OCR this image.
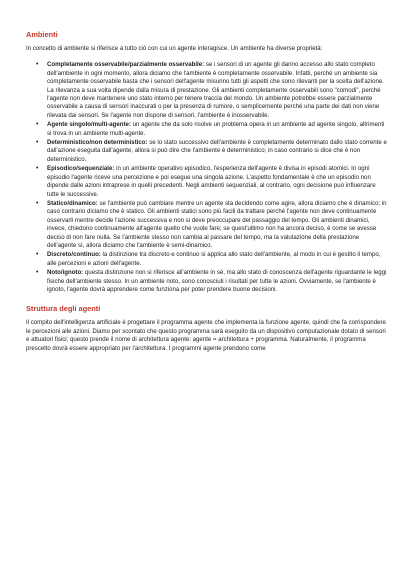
Ambienti

In concetto di ambiente si riferisce a tutto ciò con cui un agente interagisce. Un ambiente ha diverse proprietà:

• Completamente osservabile/parzialmente osservabile: se i sensori di un agente gli danno accesso allo stato completo dell'ambiente in ogni momento, allora diciamo che l'ambiente è completamente osservabile. Infatti, perché un ambiente sia completamente osservabile basta che i sensori dell'agente misurino tutti gli aspetti che sono rilevanti per la scelta dell'azione. La rilevanza a sua volta dipende dalla misura di prestazione. Gli ambienti completamente osservabili sono "comodi", perché l'agente non deve mantenere uno stato interno per tenere traccia del mondo. Un ambiente potrebbe essere parzialmente osservabile a causa di sensori inaccurati o per la presenza di rumore, o semplicemente perché una parte dei dati non viene rilevata dai sensori. Se l'agente non dispone di sensori, l'ambiente è inosservabile.
• Agente singolo/multi-agente: un agente che da solo risolve un problema opera in un ambiente ad agente singolo, altrimenti si trova in un ambiente multi-agente.
• Deterministico/non deterministico: se lo stato successivo dell'ambiente è completamente determinato dallo stato corrente e dall'azione eseguita dall'agente, allora si può dire che l'ambiente è deterministico; in caso contrario si dice che è non deterministico.
• Episodico/sequenziale: in un ambiente operativo episodico, l'esperienza dell'agente è divisa in episodi atomici. In ogni episodio l'agente riceve una percezione e poi esegue una singola azione. L'aspetto fondamentale è che un episodio non dipende dalle azioni intraprese in quelli precedenti. Negli ambienti sequenziali, al contrario, ogni decisione può influenzare tutte le successive.
• Statico/dinamico: se l'ambiente può cambiare mentre un agente sta decidendo come agire, allora diciamo che è dinamico; in caso contrario diciamo che è statico. Gli ambienti statici sono più facili da trattare perché l'agente non deve continuamente osservarli mentre decide l'azione successiva e non si deve preoccupare del passaggio del tempo. Gli ambienti dinamici, invece, chiedono continuamente all'agente quello che vuole fare; se quest'ultimo non ha ancora deciso, è come se avesse deciso di non fare nulla. Se l'ambiente stesso non cambia al passare del tempo, ma la valutazione della prestazione dell'agente sì, allora diciamo che l'ambiente è semi-dinamico.
• Discreto/continuo: la distinzione tra discreto e continuo si applica allo stato dell'ambiente, al modo in cui è gestito il tempo, alle percezioni e azioni dell'agente.
• Noto/ignoto: questa distinzione non si riferisce all'ambiente in sé, ma allo stato di conoscenza dell'agente riguardante le leggi fisiche dell'ambiente stesso. In un ambiente noto, sono conosciuti i risultati per tutte le azioni. Ovviamente, se l'ambiente è ignoto, l'agente dovrà apprendere come funziona per poter prendere buone decisioni.
Struttura degli agenti

Il compito dell'intelligenza artificiale è progettare il programma agente che implementa la funzione agente, quindi che fa corrispondere le percezioni alle azioni. Diamo per scontato che questo programma sarà eseguito da un dispositivo computazionale dotato di sensori e attuatori fisici; questo prende il nome di architettura agente: agente = architettura + programma. Naturalmente, il programma prescelto dovrà essere appropriato per l'architettura. I programmi agente prendono come
